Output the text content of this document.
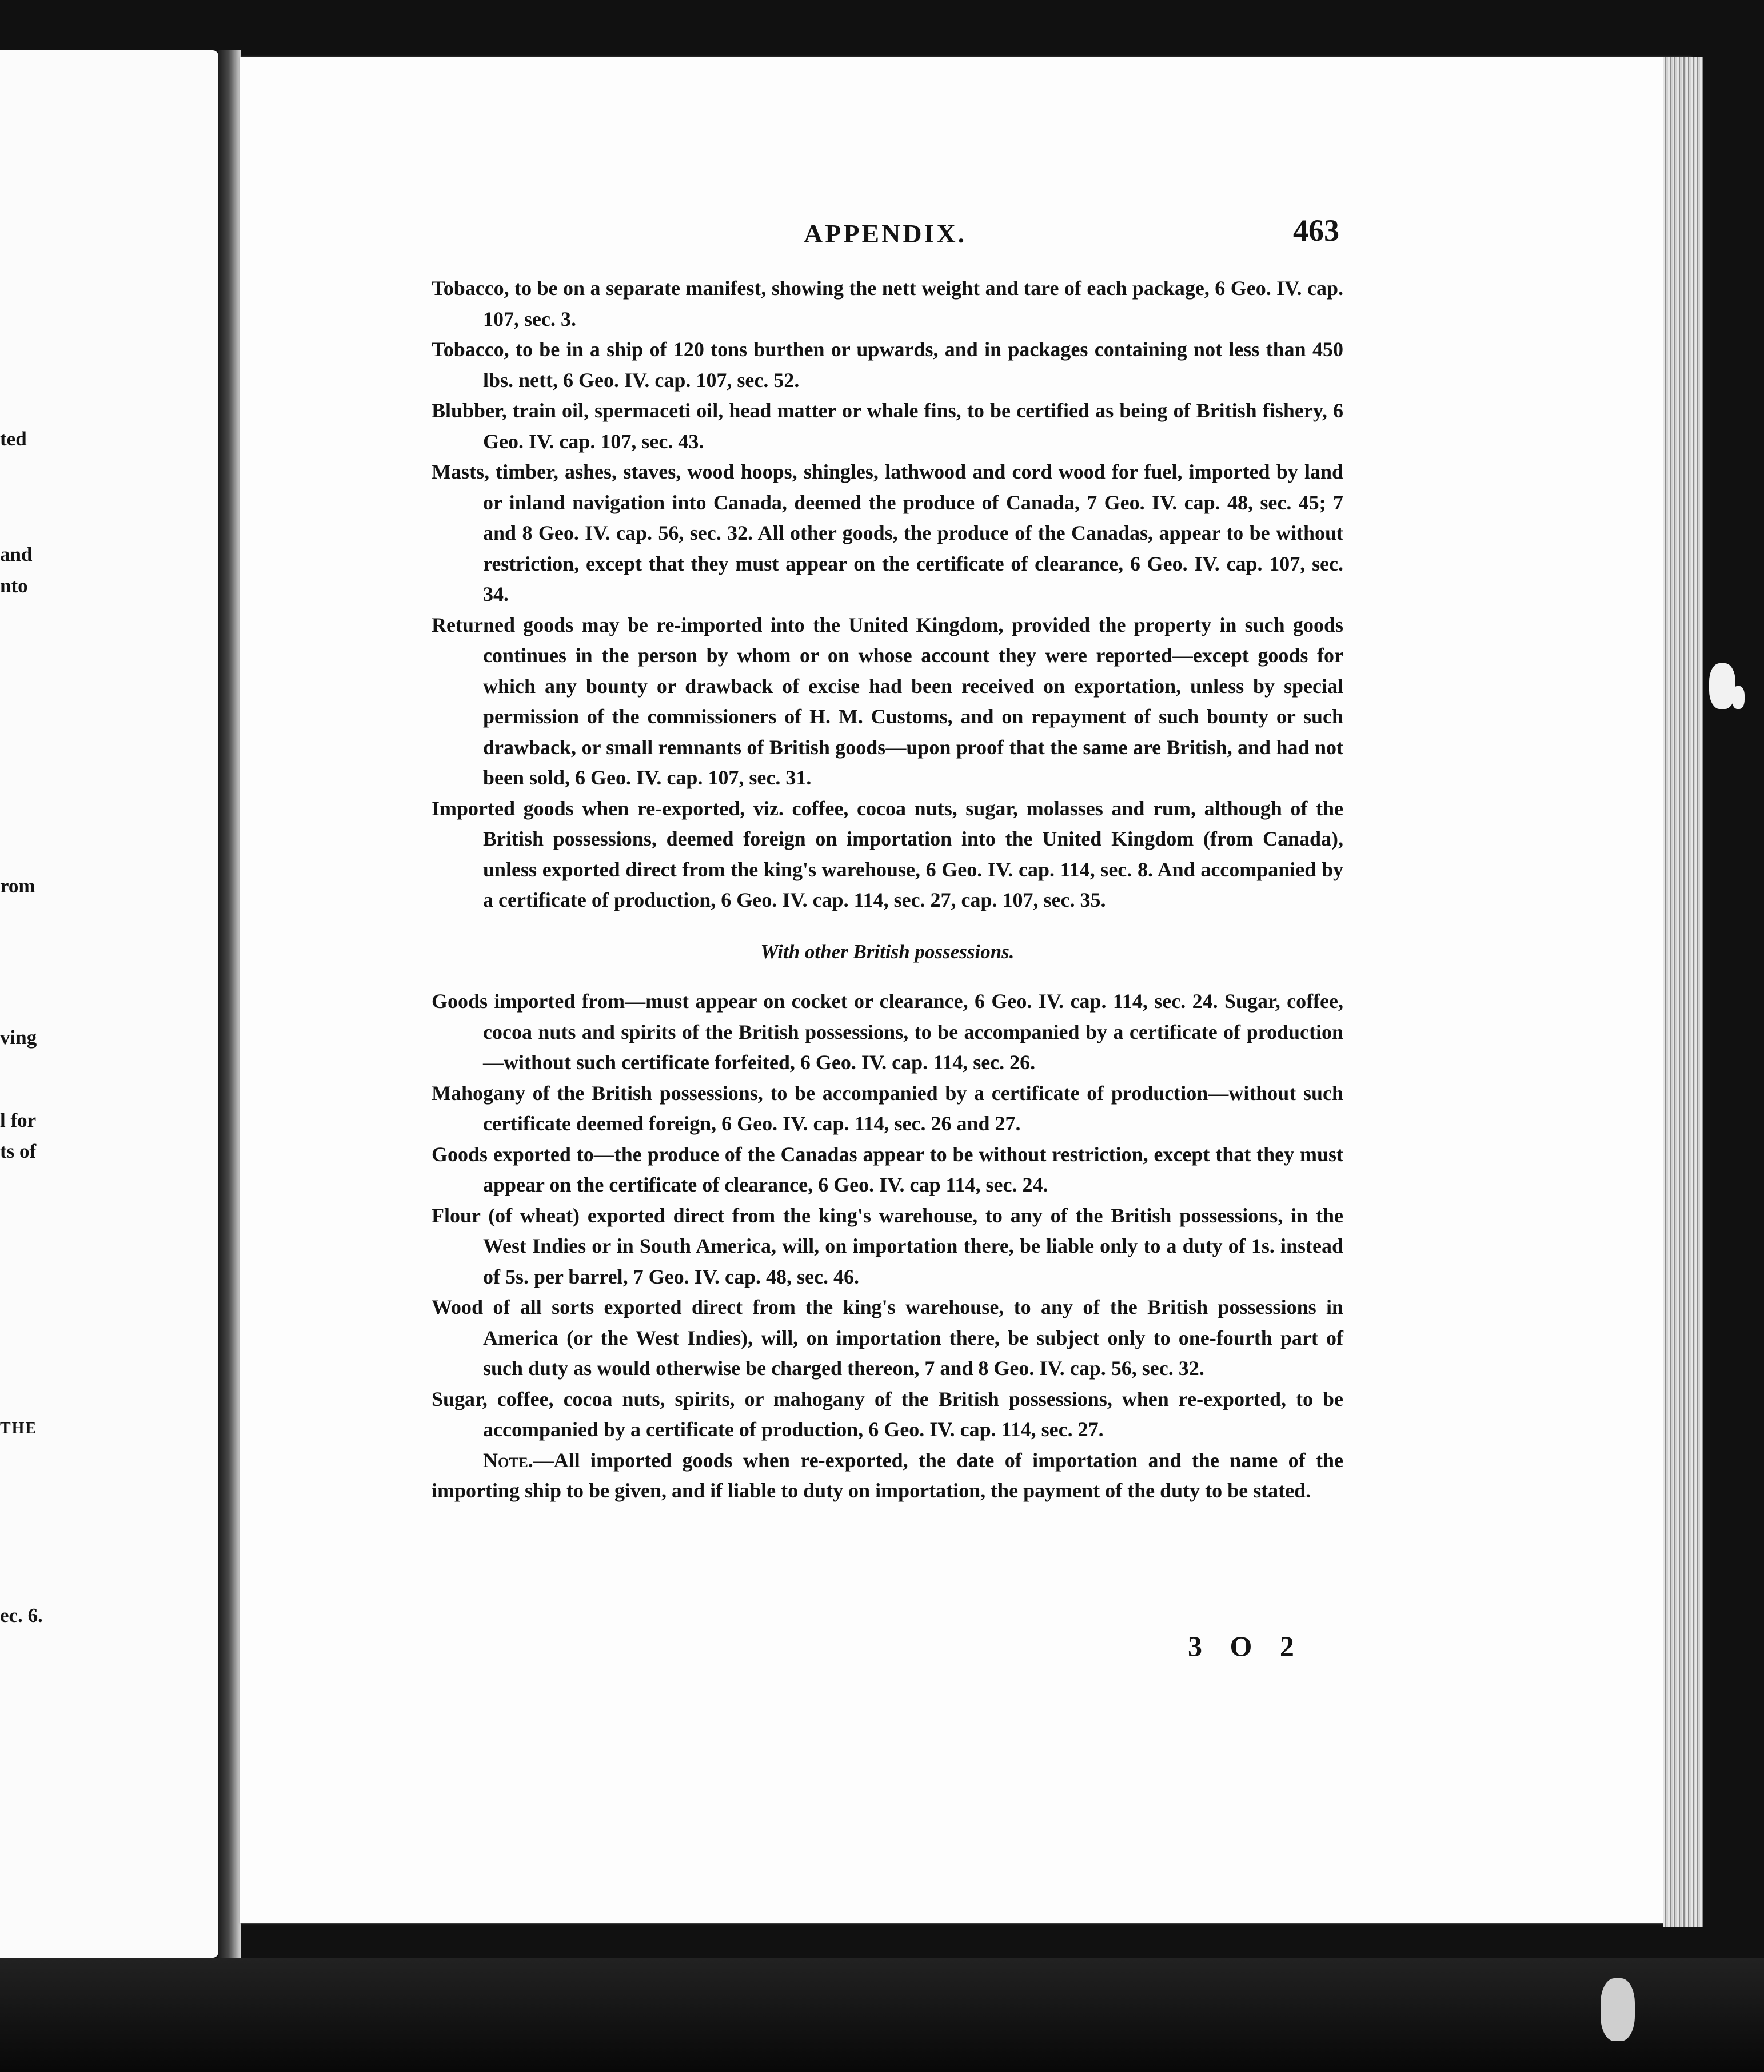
ted

and

nto

rom

ving

l for

ts of

THE

ec. 6.

APPENDIX.	463

Tobacco, to be on a separate manifest, showing the nett weight and tare of each package, 6 Geo. IV. cap. 107, sec. 3.

Tobacco, to be in a ship of 120 tons burthen or upwards, and in packages containing not less than 450 lbs. nett, 6 Geo. IV. cap. 107, sec. 52.

Blubber, train oil, spermaceti oil, head matter or whale fins, to be certified as being of British fishery, 6 Geo. IV. cap. 107, sec. 43.

Masts, timber, ashes, staves, wood hoops, shingles, lathwood and cord wood for fuel, imported by land or inland navigation into Canada, deemed the produce of Canada, 7 Geo. IV. cap. 48, sec. 45; 7 and 8 Geo. IV. cap. 56, sec. 32. All other goods, the produce of the Canadas, appear to be without restriction, except that they must appear on the certificate of clearance, 6 Geo. IV. cap. 107, sec. 34.

Returned goods may be re-imported into the United Kingdom, provided the property in such goods continues in the person by whom or on whose account they were reported—except goods for which any bounty or drawback of excise had been received on exportation, unless by special permission of the commissioners of H. M. Customs, and on repayment of such bounty or such drawback, or small remnants of British goods—upon proof that the same are British, and had not been sold, 6 Geo. IV. cap. 107, sec. 31.

Imported goods when re-exported, viz. coffee, cocoa nuts, sugar, molasses and rum, although of the British possessions, deemed foreign on importation into the United Kingdom (from Canada), unless exported direct from the king's warehouse, 6 Geo. IV. cap. 114, sec. 8. And accompanied by a certificate of production, 6 Geo. IV. cap. 114, sec. 27, cap. 107, sec. 35.

With other British possessions.

Goods imported from—must appear on cocket or clearance, 6 Geo. IV. cap. 114, sec. 24. Sugar, coffee, cocoa nuts and spirits of the British possessions, to be accompanied by a certificate of production—without such certificate forfeited, 6 Geo. IV. cap. 114, sec. 26.

Mahogany of the British possessions, to be accompanied by a certificate of production—without such certificate deemed foreign, 6 Geo. IV. cap. 114, sec. 26 and 27.

Goods exported to—the produce of the Canadas appear to be without restriction, except that they must appear on the certificate of clearance, 6 Geo. IV. cap 114, sec. 24.

Flour (of wheat) exported direct from the king's warehouse, to any of the British possessions, in the West Indies or in South America, will, on importation there, be liable only to a duty of 1s. instead of 5s. per barrel, 7 Geo. IV. cap. 48, sec. 46.

Wood of all sorts exported direct from the king's warehouse, to any of the British possessions in America (or the West Indies), will, on importation there, be subject only to one-fourth part of such duty as would otherwise be charged thereon, 7 and 8 Geo. IV. cap. 56, sec. 32.

Sugar, coffee, cocoa nuts, spirits, or mahogany of the British possessions, when re-exported, to be accompanied by a certificate of production, 6 Geo. IV. cap. 114, sec. 27.

Note.—All imported goods when re-exported, the date of importation and the name of the importing ship to be given, and if liable to duty on importation, the payment of the duty to be stated.

3 O 2
